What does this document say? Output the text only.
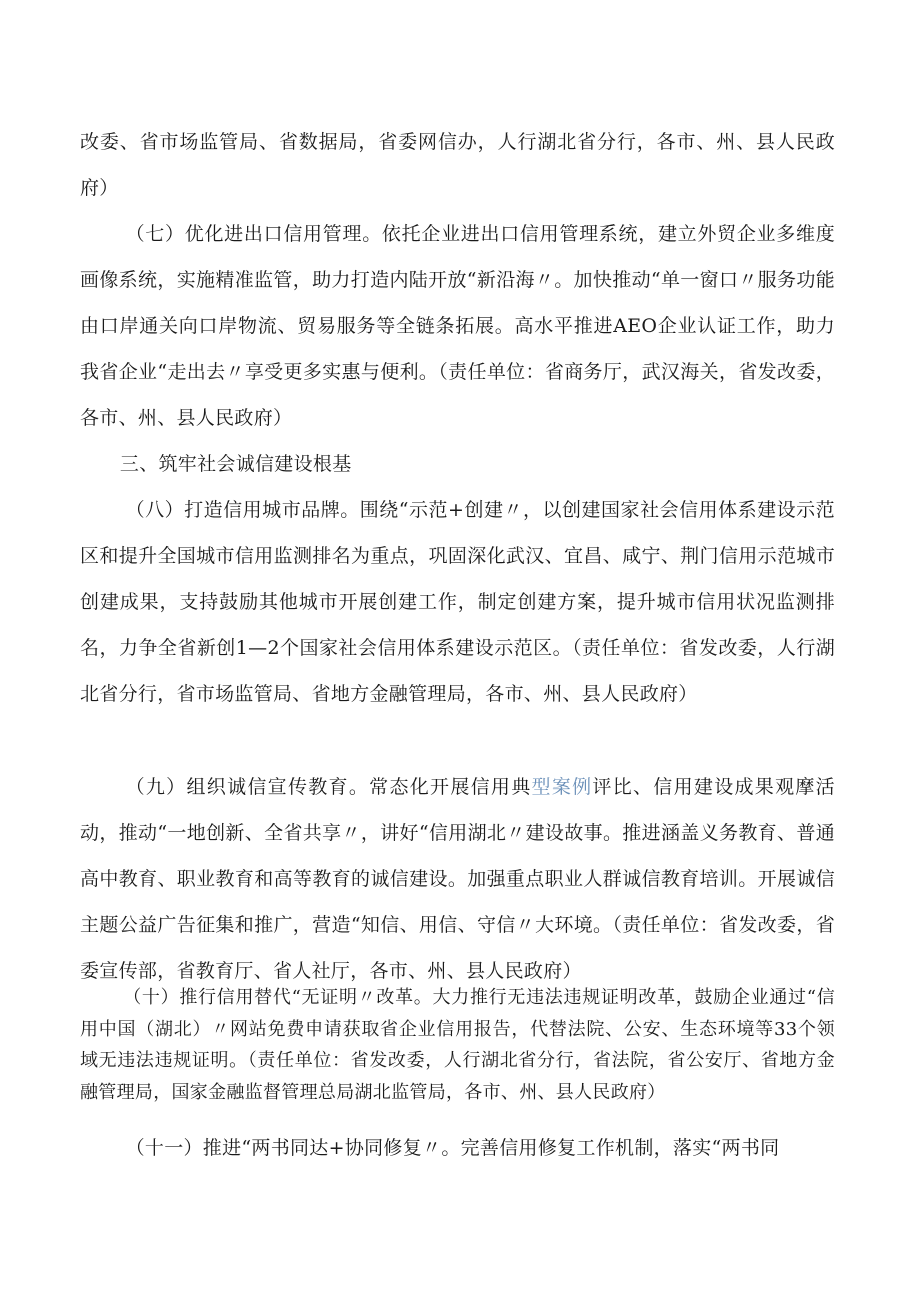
改委、省市场监管局、省数据局，省委网信办，人行湖北省分行，各市、州、县人民政府）

（七）优化进出口信用管理。依托企业进出口信用管理系统，建立外贸企业多维度画像系统，实施精准监管，助力打造内陆开放“新沿海〃。加快推动“单一窗口〃服务功能由口岸通关向口岸物流、贸易服务等全链条拓展。高水平推进AEO企业认证工作，助力我省企业“走出去〃享受更多实惠与便利。（责任单位：省商务厅，武汉海关，省发改委，各市、州、县人民政府）

三、筑牢社会诚信建设根基

（八）打造信用城市品牌。围绕“示范+创建〃，以创建国家社会信用体系建设示范区和提升全国城市信用监测排名为重点，巩固深化武汉、宜昌、咸宁、荆门信用示范城市创建成果，支持鼓励其他城市开展创建工作，制定创建方案，提升城市信用状况监测排名，力争全省新创1—2个国家社会信用体系建设示范区。（责任单位：省发改委，人行湖北省分行，省市场监管局、省地方金融管理局，各市、州、县人民政府）

（九）组织诚信宣传教育。常态化开展信用典型案例评比、信用建设成果观摩活动，推动“一地创新、全省共享〃，讲好“信用湖北〃建设故事。推进涵盖义务教育、普通高中教育、职业教育和高等教育的诚信建设。加强重点职业人群诚信教育培训。开展诚信主题公益广告征集和推广，营造“知信、用信、守信〃大环境。（责任单位：省发改委，省委宣传部，省教育厅、省人社厅，各市、州、县人民政府）

（十）推行信用替代“无证明〃改革。大力推行无违法违规证明改革，鼓励企业通过“信用中国（湖北）〃网站免费申请获取省企业信用报告，代替法院、公安、生态环境等33个领域无违法违规证明。（责任单位：省发改委，人行湖北省分行，省法院，省公安厅、省地方金融管理局，国家金融监督管理总局湖北监管局，各市、州、县人民政府）

（十一）推进“两书同达+协同修复〃。完善信用修复工作机制，落实“两书同
